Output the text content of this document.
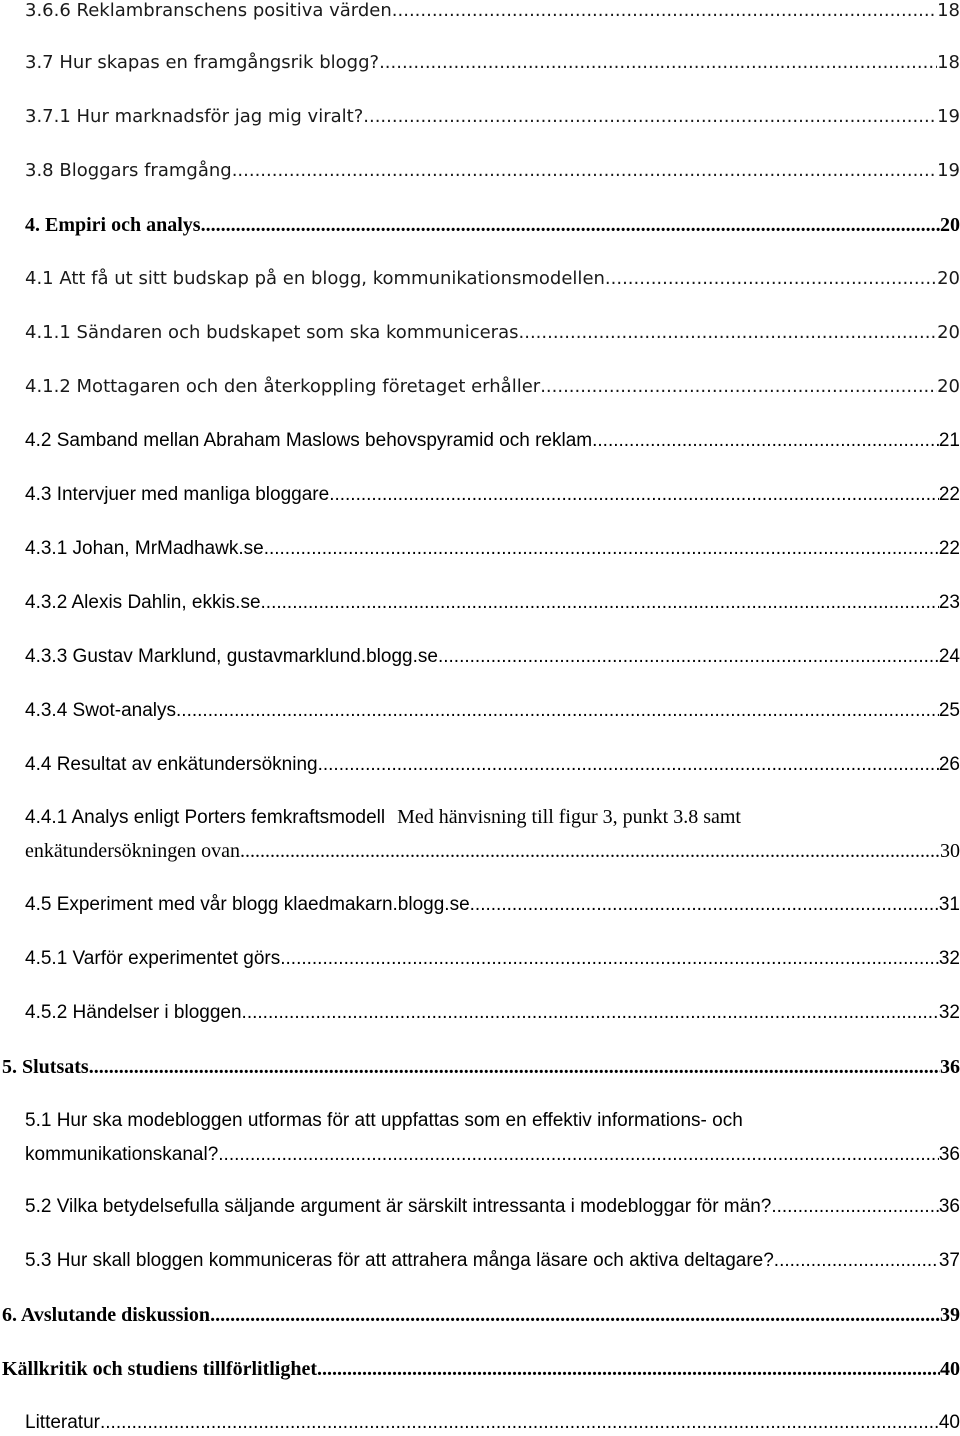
3.6.6 Reklambranschens positiva värden .....	18
3.7 Hur skapas en framgångsrik blogg? .....	18
3.7.1 Hur marknadsför jag mig viralt? .....	19
3.8 Bloggars framgång .....	19
4. Empiri och analys .....	20
4.1 Att få ut sitt budskap på en blogg, kommunikationsmodellen .....	20
4.1.1 Sändaren och budskapet som ska kommuniceras .....	20
4.1.2 Mottagaren och den återkoppling företaget erhåller .....	20
4.2 Samband mellan Abraham Maslows behovspyramid och reklam .....	21
4.3 Intervjuer med manliga bloggare .....	22
4.3.1 Johan, MrMadhawk.se .....	22
4.3.2 Alexis Dahlin, ekkis.se .....	23
4.3.3 Gustav Marklund, gustavmarklund.blogg.se .....	24
4.3.4 Swot-analys .....	25
4.4 Resultat av enkätundersökning .....	26
4.4.1 Analys enligt Porters femkraftsmodell Med hänvisning till figur 3, punkt 3.8 samt
enkätundersökningen ovan. .....	30
4.5 Experiment med vår blogg klaedmakarn.blogg.se .....	31
4.5.1 Varför experimentet görs .....	32
4.5.2 Händelser i bloggen .....	32
5. Slutsats .....	36
5.1 Hur ska modebloggen utformas för att uppfattas som en effektiv informations- och
kommunikationskanal? .....	36
5.2 Vilka betydelsefulla säljande argument är särskilt intressanta i modebloggar för män? .....	36
5.3 Hur skall bloggen kommuniceras för att attrahera många läsare och aktiva deltagare? .....	37
6. Avslutande diskussion .....	39
Källkritik och studiens tillförlitlighet .....	40
Litteratur .....	40
